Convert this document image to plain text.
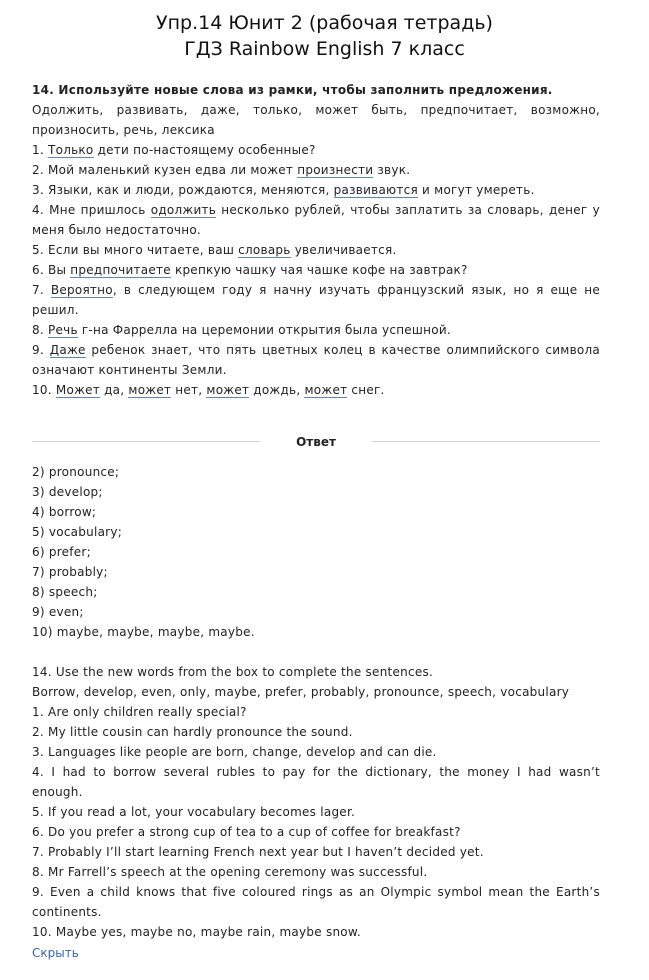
Упр.14 Юнит 2 (рабочая тетрадь)
ГДЗ Rainbow English 7 класс
14. Используйте новые слова из рамки, чтобы заполнить предложения.
Одолжить, развивать, даже, только, может быть, предпочитает, возможно,
произносить, речь, лексика
1. Только дети по-настоящему особенные?
2. Мой маленький кузен едва ли может произнести звук.
3. Языки, как и люди, рождаются, меняются, развиваются и могут умереть.
4. Мне пришлось одолжить несколько рублей, чтобы заплатить за словарь, денег у
меня было недостаточно.
5. Если вы много читаете, ваш словарь увеличивается.
6. Вы предпочитаете крепкую чашку чая чашке кофе на завтрак?
7. Вероятно, в следующем году я начну изучать французский язык, но я еще не
решил.
8. Речь г-на Фаррелла на церемонии открытия была успешной.
9. Даже ребенок знает, что пять цветных колец в качестве олимпийского символа
означают континенты Земли.
10. Может да, может нет, может дождь, может снег.
Ответ
2) pronounce;
3) develop;
4) borrow;
5) vocabulary;
6) prefer;
7) probably;
8) speech;
9) even;
10) maybe, maybe, maybe, maybe.
14. Use the new words from the box to complete the sentences.
Borrow, develop, even, only, maybe, prefer, probably, pronounce, speech, vocabulary
1. Are only children really special?
2. My little cousin can hardly pronounce the sound.
3. Languages like people are born, change, develop and can die.
4. I had to borrow several rubles to pay for the dictionary, the money I had wasn’t
enough.
5. If you read a lot, your vocabulary becomes lager.
6. Do you prefer a strong cup of tea to a cup of coffee for breakfast?
7. Probably I’ll start learning French next year but I haven’t decided yet.
8. Mr Farrell’s speech at the opening ceremony was successful.
9. Even a child knows that five coloured rings as an Olympic symbol mean the Earth’s
continents.
10. Maybe yes, maybe no, maybe rain, maybe snow.
Скрыть
